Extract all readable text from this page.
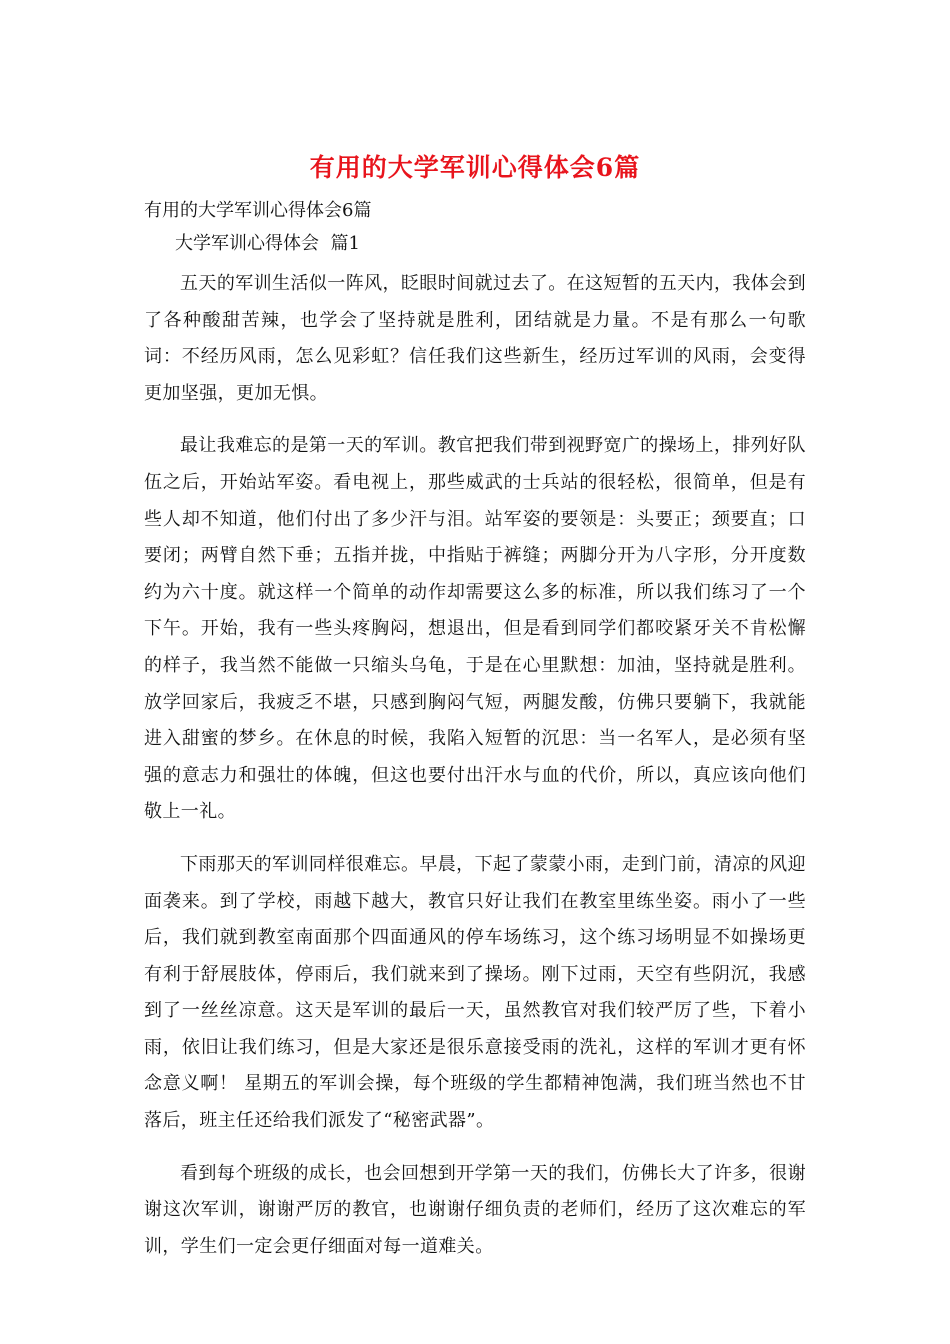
有用的大学军训心得体会6篇
有用的大学军训心得体会6篇
大学军训心得体会  篇1

五天的军训生活似一阵风，眨眼时间就过去了。在这短暂的五天内，我体会到了各种酸甜苦辣，也学会了坚持就是胜利，团结就是力量。不是有那么一句歌词：不经历风雨，怎么见彩虹？信任我们这些新生，经历过军训的风雨，会变得更加坚强，更加无惧。

最让我难忘的是第一天的军训。教官把我们带到视野宽广的操场上，排列好队伍之后，开始站军姿。看电视上，那些威武的士兵站的很轻松，很简单，但是有些人却不知道，他们付出了多少汗与泪。站军姿的要领是：头要正；颈要直；口要闭；两臂自然下垂；五指并拢，中指贴于裤缝；两脚分开为八字形，分开度数约为六十度。就这样一个简单的动作却需要这么多的标准，所以我们练习了一个下午。开始，我有一些头疼胸闷，想退出，但是看到同学们都咬紧牙关不肯松懈的样子，我当然不能做一只缩头乌龟，于是在心里默想：加油，坚持就是胜利。放学回家后，我疲乏不堪，只感到胸闷气短，两腿发酸，仿佛只要躺下，我就能进入甜蜜的梦乡。在休息的时候，我陷入短暂的沉思：当一名军人，是必须有坚强的意志力和强壮的体魄，但这也要付出汗水与血的代价，所以，真应该向他们敬上一礼。

下雨那天的军训同样很难忘。早晨，下起了蒙蒙小雨，走到门前，清凉的风迎面袭来。到了学校，雨越下越大，教官只好让我们在教室里练坐姿。雨小了一些后，我们就到教室南面那个四面通风的停车场练习，这个练习场明显不如操场更有利于舒展肢体，停雨后，我们就来到了操场。刚下过雨，天空有些阴沉，我感到了一丝丝凉意。这天是军训的最后一天，虽然教官对我们较严厉了些，下着小雨，依旧让我们练习，但是大家还是很乐意接受雨的洗礼，这样的军训才更有怀念意义啊！ 星期五的军训会操，每个班级的学生都精神饱满，我们班当然也不甘落后，班主任还给我们派发了“秘密武器”。

看到每个班级的成长，也会回想到开学第一天的我们，仿佛长大了许多，很谢谢这次军训，谢谢严厉的教官，也谢谢仔细负责的老师们，经历了这次难忘的军训，学生们一定会更仔细面对每一道难关。
